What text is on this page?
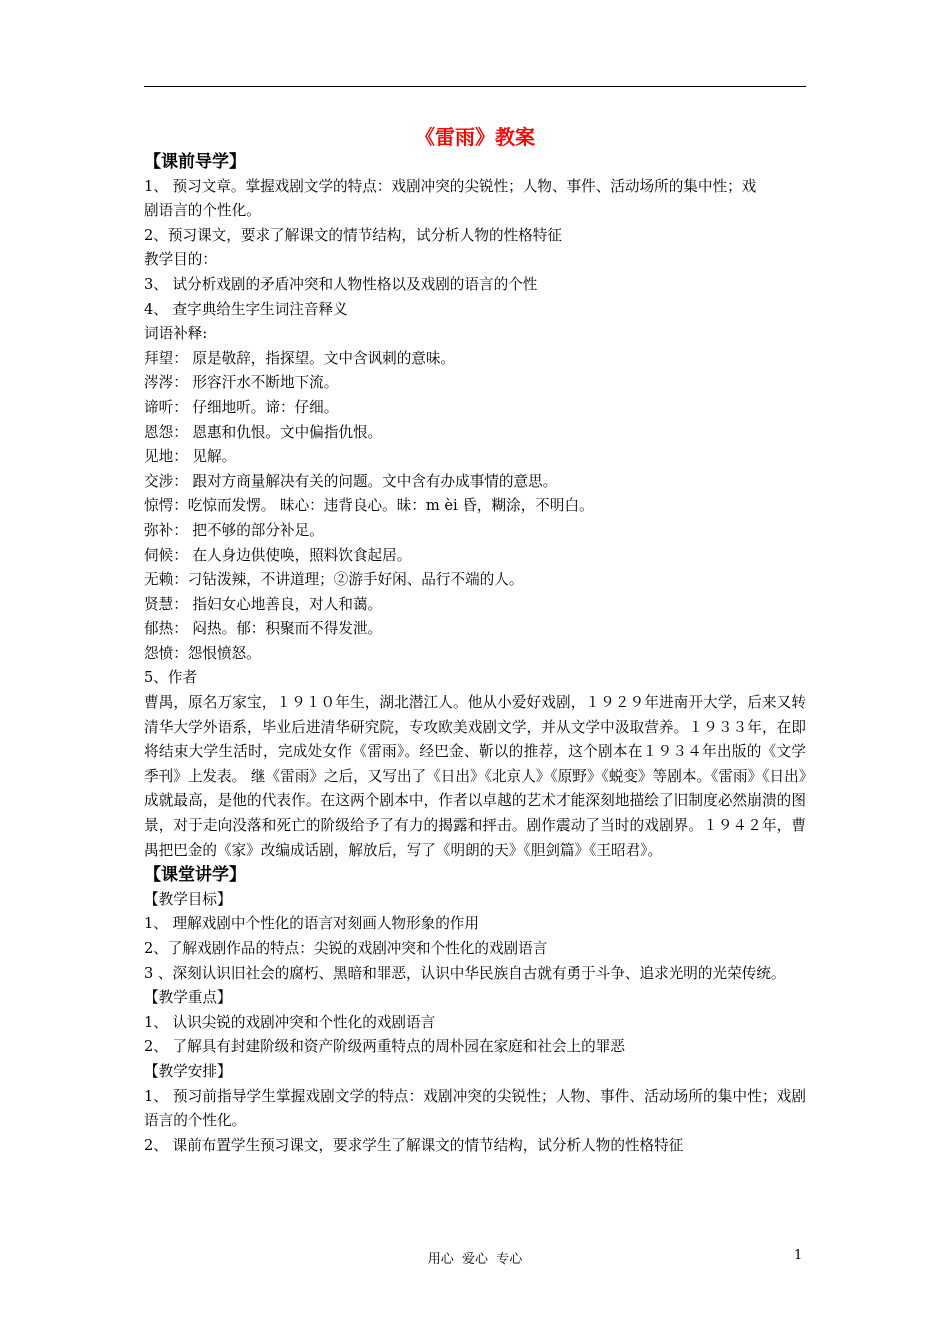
《雷雨》教案
【课前导学】
1、 预习文章。掌握戏剧文学的特点：戏剧冲突的尖锐性；人物、事件、活动场所的集中性；戏
剧语言的个性化。
2、预习课文，要求了解课文的情节结构，试分析人物的性格特征
教学目的：
3、 试分析戏剧的矛盾冲突和人物性格以及戏剧的语言的个性
4、 查字典给生字生词注音释义
词语补释:
拜望： 原是敬辞，指探望。文中含讽刺的意味。
涔涔： 形容汗水不断地下流。
谛听： 仔细地听。谛：仔细。
恩怨： 恩惠和仇恨。文中偏指仇恨。
见地： 见解。
交涉： 跟对方商量解决有关的问题。文中含有办成事情的意思。
惊愕：吃惊而发愣。 昧心：违背良心。昧：m èi 昏，糊涂，不明白。
弥补： 把不够的部分补足。
伺候： 在人身边供使唤，照料饮食起居。
无赖：刁钻泼辣，不讲道理；②游手好闲、品行不端的人。
贤慧： 指妇女心地善良，对人和蔼。
郁热： 闷热。郁：积聚而不得发泄。
怨愤：怨恨愤怒。
5、作者
曹禺，原名万家宝，１９１０年生，湖北潜江人。他从小爱好戏剧，１９２９年进南开大学，后来又转清华大学外语系，毕业后进清华研究院，专攻欧美戏剧文学，并从文学中汲取营养。１９３３年，在即将结束大学生活时，完成处女作《雷雨》。经巴金、靳以的推荐，这个剧本在１９３４年出版的《文学季刊》上发表。 继《雷雨》之后，又写出了《日出》《北京人》《原野》《蜕变》等剧本。《雷雨》《日出》成就最高，是他的代表作。在这两个剧本中，作者以卓越的艺术才能深刻地描绘了旧制度必然崩溃的图景，对于走向没落和死亡的阶级给予了有力的揭露和抨击。剧作震动了当时的戏剧界。１９４２年，曹禺把巴金的《家》改编成话剧，解放后，写了《明朗的天》《胆剑篇》《王昭君》。
【课堂讲学】
【教学目标】
1、 理解戏剧中个性化的语言对刻画人物形象的作用
2、了解戏剧作品的特点：尖锐的戏剧冲突和个性化的戏剧语言
3 、深刻认识旧社会的腐朽、黑暗和罪恶，认识中华民族自古就有勇于斗争、追求光明的光荣传统。
【教学重点】
1、 认识尖锐的戏剧冲突和个性化的戏剧语言
2、 了解具有封建阶级和资产阶级两重特点的周朴园在家庭和社会上的罪恶
【教学安排】
1、 预习前指导学生掌握戏剧文学的特点：戏剧冲突的尖锐性；人物、事件、活动场所的集中性；戏剧语言的个性化。
2、 课前布置学生预习课文，要求学生了解课文的情节结构，试分析人物的性格特征
用心  爱心  专心	1
